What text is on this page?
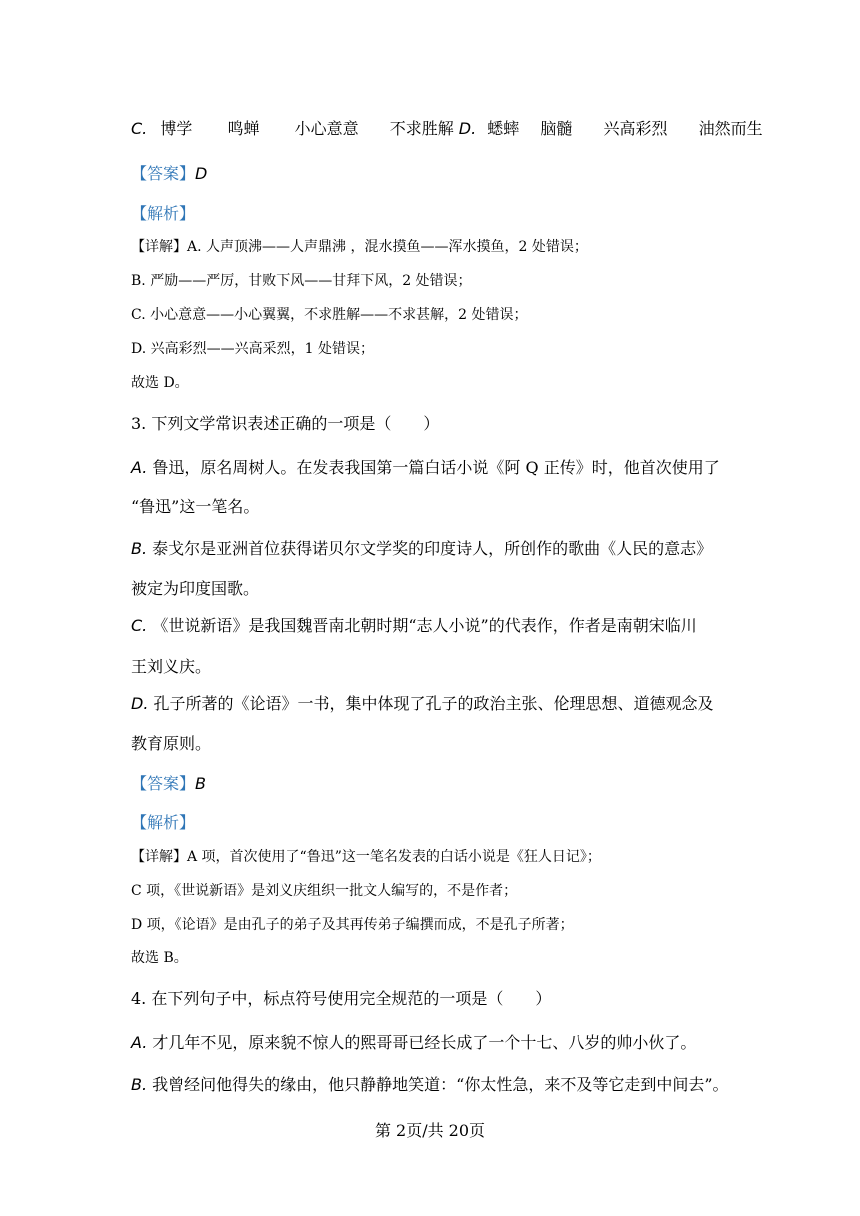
C. 博学 鸣蝉 小心意意 不求胜解 D. 蟋蟀 脑髓 兴高彩烈 油然而生
【答案】D
【解析】
【详解】A. 人声顶沸——人声鼎沸 ，混水摸鱼——浑水摸鱼，2 处错误；
B. 严励——严厉，甘败下风——甘拜下风，2 处错误；
C. 小心意意——小心翼翼，不求胜解——不求甚解，2 处错误；
D. 兴高彩烈——兴高采烈，1 处错误；
故选 D。
3. 下列文学常识表述正确的一项是（　　）
A. 鲁迅，原名周树人。在发表我国第一篇白话小说《阿 Q 正传》时，他首次使用了
“鲁迅”这一笔名。
B. 泰戈尔是亚洲首位获得诺贝尔文学奖的印度诗人，所创作的歌曲《人民的意志》
被定为印度国歌。
C. 《世说新语》是我国魏晋南北朝时期“志人小说”的代表作，作者是南朝宋临川
王刘义庆。
D. 孔子所著的《论语》一书，集中体现了孔子的政治主张、伦理思想、道德观念及
教育原则。
【答案】B
【解析】
【详解】A 项，首次使用了“鲁迅”这一笔名发表的白话小说是《狂人日记》；
C 项，《世说新语》是刘义庆组织一批文人编写的，不是作者；
D 项，《论语》是由孔子的弟子及其再传弟子编撰而成，不是孔子所著；
故选 B。
4. 在下列句子中，标点符号使用完全规范的一项是（　　）
A. 才几年不见，原来貌不惊人的熙哥哥已经长成了一个十七、八岁的帅小伙了。
B. 我曾经问他得失的缘由，他只静静地笑道：“你太性急，来不及等它走到中间去”。
第 2页/共 20页
